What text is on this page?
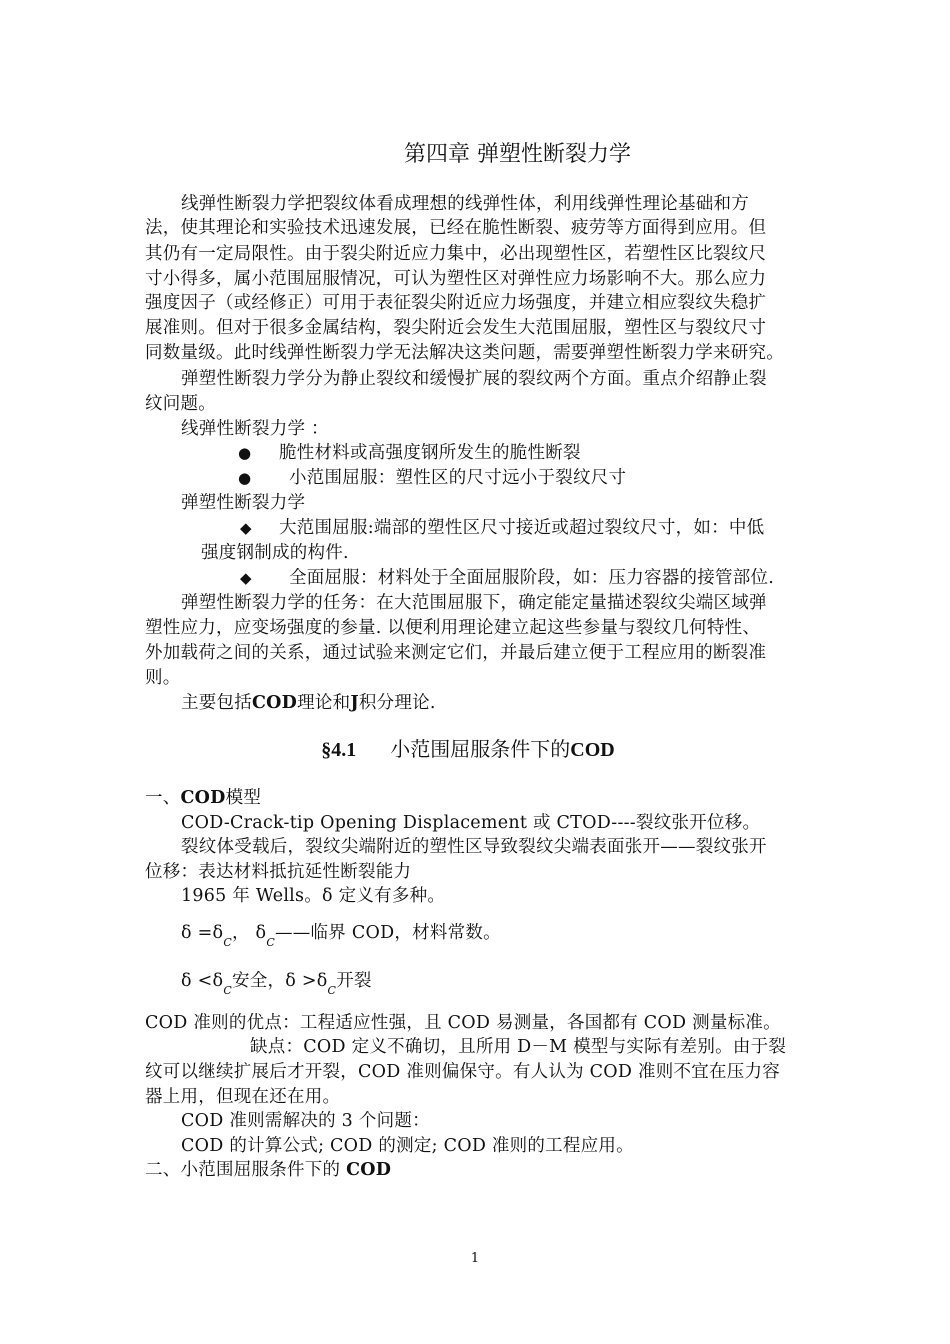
第四章 弹塑性断裂力学
线弹性断裂力学把裂纹体看成理想的线弹性体，利用线弹性理论基础和方
法，使其理论和实验技术迅速发展，已经在脆性断裂、疲劳等方面得到应用。但
其仍有一定局限性。由于裂尖附近应力集中，必出现塑性区，若塑性区比裂纹尺
寸小得多，属小范围屈服情况，可认为塑性区对弹性应力场影响不大。那么应力
强度因子（或经修正）可用于表征裂尖附近应力场强度，并建立相应裂纹失稳扩
展准则。但对于很多金属结构，裂尖附近会发生大范围屈服，塑性区与裂纹尺寸
同数量级。此时线弹性断裂力学无法解决这类问题，需要弹塑性断裂力学来研究。
弹塑性断裂力学分为静止裂纹和缓慢扩展的裂纹两个方面。重点介绍静止裂
纹问题。
线弹性断裂力学 ：
● 脆性材料或高强度钢所发生的脆性断裂
● 小范围屈服：塑性区的尺寸远小于裂纹尺寸
弹塑性断裂力学
◆ 大范围屈服:端部的塑性区尺寸接近或超过裂纹尺寸，如：中低
强度钢制成的构件.
◆ 全面屈服：材料处于全面屈服阶段，如：压力容器的接管部位.
弹塑性断裂力学的任务：在大范围屈服下，确定能定量描述裂纹尖端区域弹
塑性应力，应变场强度的参量. 以便利用理论建立起这些参量与裂纹几何特性、
外加载荷之间的关系，通过试验来测定它们，并最后建立便于工程应用的断裂准
则。
主要包括COD理论和J积分理论.
§4.1 小范围屈服条件下的COD
一、COD模型
COD-Crack-tip Opening Displacement 或 CTOD----裂纹张开位移。
裂纹体受载后，裂纹尖端附近的塑性区导致裂纹尖端表面张开——裂纹张开
位移：表达材料抵抗延性断裂能力
1965 年 Wells。δ 定义有多种。
$\delta =\delta_C$， $\delta_C——$临界 COD，材料常数。
$\delta <\delta_C$安全，$\delta >\delta_C$开裂
COD 准则的优点：工程适应性强，且 COD 易测量，各国都有 COD 测量标准。
缺点：COD 定义不确切，且所用 D－M 模型与实际有差别。由于裂
纹可以继续扩展后才开裂，COD 准则偏保守。有人认为 COD 准则不宜在压力容
器上用，但现在还在用。
COD 准则需解决的 3 个问题：
COD 的计算公式; COD 的测定; COD 准则的工程应用。
二、小范围屈服条件下的 COD
1
